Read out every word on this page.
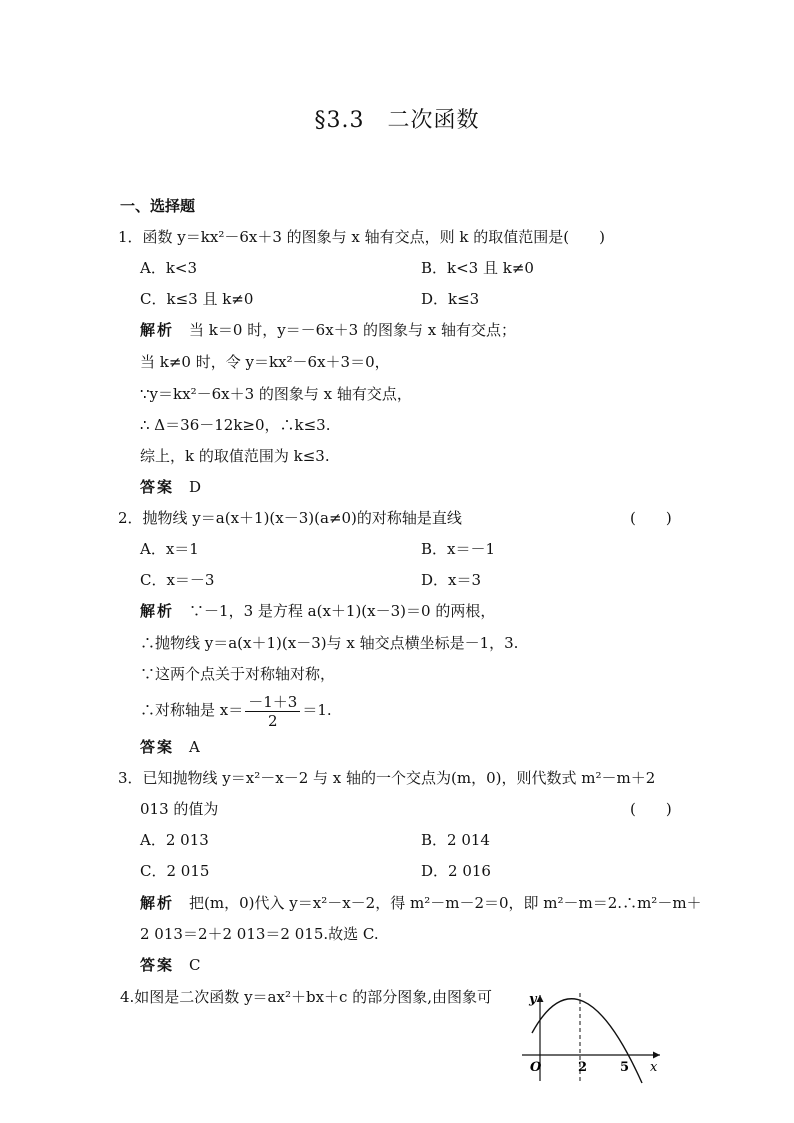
§3.3　二次函数
一、选择题
1．函数 y＝kx²－6x＋3 的图象与 x 轴有交点，则 k 的取值范围是(　　)
A．k<3	B．k<3 且 k≠0
C．k≤3 且 k≠0	D．k≤3
解析　 当 k＝0 时，y＝－6x＋3 的图象与 x 轴有交点；
当 k≠0 时，令 y＝kx²－6x＋3＝0，
∵y＝kx²－6x＋3 的图象与 x 轴有交点，
∴ Δ＝36－12k≥0，∴k≤3.
综上，k 的取值范围为 k≤3.
答案　 D
2．抛物线 y＝a(x＋1)(x－3)(a≠0)的对称轴是直线	(　　)
A．x＝1	B．x＝－1
C．x＝－3	D．x＝3
解析　 ∵－1，3 是方程 a(x＋1)(x－3)＝0 的两根，
∴抛物线 y＝a(x＋1)(x－3)与 x 轴交点横坐标是－1，3.
∵这两个点关于对称轴对称，
∴对称轴是 $x= \frac{-1+3}{2} =1$.
答案　 A
3．已知抛物线 y＝x²－x－2 与 x 轴的一个交点为(m，0)，则代数式 m²－m＋2
013 的值为	(　　)
A．2 013	B．2 014
C．2 015	D．2 016
解析　 把(m，0)代入 y＝x²－x－2，得 m²－m－2＝0，即 m²－m＝2.∴m²－m＋
2 013＝2＋2 013＝2 015.故选 C.
答案　 C
4.如图是二次函数 y＝ax²＋bx＋c 的部分图象,由图象可	y
x
O	2	5
